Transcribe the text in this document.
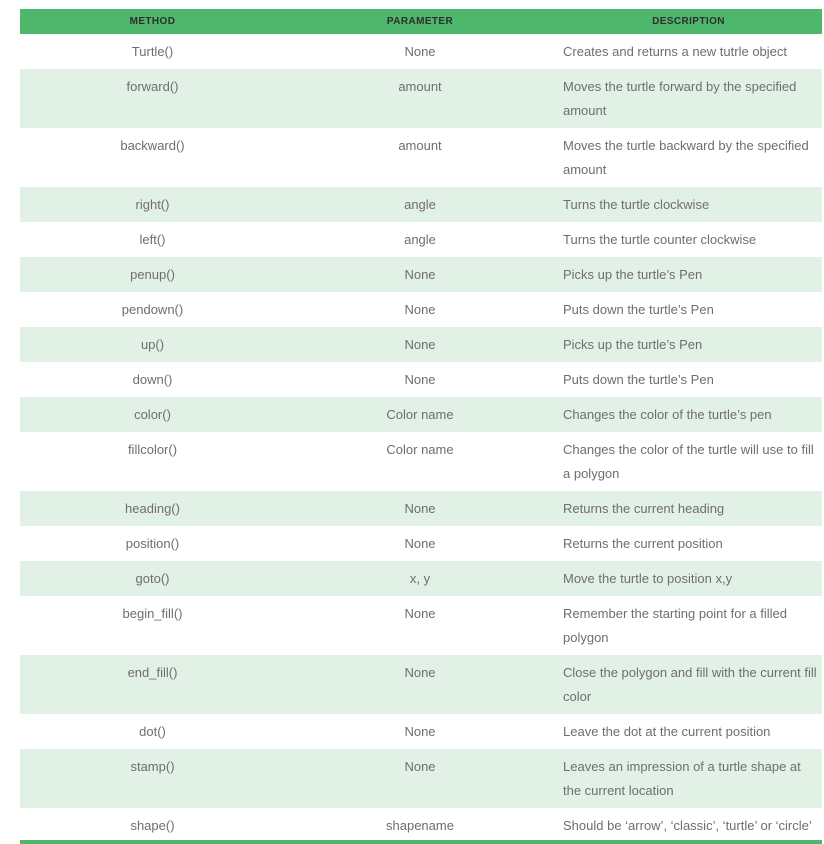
METHOD	PARAMETER	DESCRIPTION
Turtle()	None	Creates and returns a new tutrle object
forward()	amount	Moves the turtle forward by the specified amount
backward()	amount	Moves the turtle backward by the specified amount
right()	angle	Turns the turtle clockwise
left()	angle	Turns the turtle counter clockwise
penup()	None	Picks up the turtle’s Pen
pendown()	None	Puts down the turtle’s Pen
up()	None	Picks up the turtle’s Pen
down()	None	Puts down the turtle’s Pen
color()	Color name	Changes the color of the turtle’s pen
fillcolor()	Color name	Changes the color of the turtle will use to fill a polygon
heading()	None	Returns the current heading
position()	None	Returns the current position
goto()	x, y	Move the turtle to position x,y
begin_fill()	None	Remember the starting point for a filled polygon
end_fill()	None	Close the polygon and fill with the current fill color
dot()	None	Leave the dot at the current position
stamp()	None	Leaves an impression of a turtle shape at the current location
shape()	shapename	Should be ‘arrow’, ‘classic’, ‘turtle’ or ‘circle’
